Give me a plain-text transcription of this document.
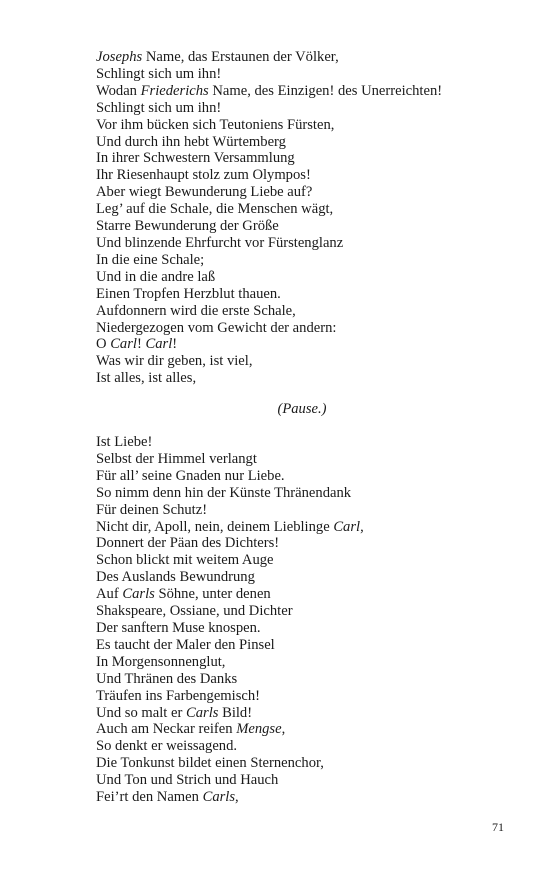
Josephs Name, das Erstaunen der Völker,
Schlingt sich um ihn!
Wodan Friederichs Name, des Einzigen! des Unerreichten!
Schlingt sich um ihn!
Vor ihm bücken sich Teutoniens Fürsten,
Und durch ihn hebt Würtemberg
In ihrer Schwestern Versammlung
Ihr Riesenhaupt stolz zum Olympos!
Aber wiegt Bewunderung Liebe auf?
Leg’ auf die Schale, die Menschen wägt,
Starre Bewunderung der Größe
Und blinzende Ehrfurcht vor Fürstenglanz
In die eine Schale;
Und in die andre laß
Einen Tropfen Herzblut thauen.
Aufdonnern wird die erste Schale,
Niedergezogen vom Gewicht der andern:
O Carl! Carl!
Was wir dir geben, ist viel,
Ist alles, ist alles,
(Pause.)
Ist Liebe!
Selbst der Himmel verlangt
Für all’ seine Gnaden nur Liebe.
So nimm denn hin der Künste Thränendank
Für deinen Schutz!
Nicht dir, Apoll, nein, deinem Lieblinge Carl,
Donnert der Päan des Dichters!
Schon blickt mit weitem Auge
Des Auslands Bewundrung
Auf Carls Söhne, unter denen
Shakspeare, Ossiane, und Dichter
Der sanftern Muse knospen.
Es taucht der Maler den Pinsel
In Morgensonnenglut,
Und Thränen des Danks
Träufen ins Farbengemisch!
Und so malt er Carls Bild!
Auch am Neckar reifen Mengse,
So denkt er weissagend.
Die Tonkunst bildet einen Sternenchor,
Und Ton und Strich und Hauch
Fei’rt den Namen Carls,
71
